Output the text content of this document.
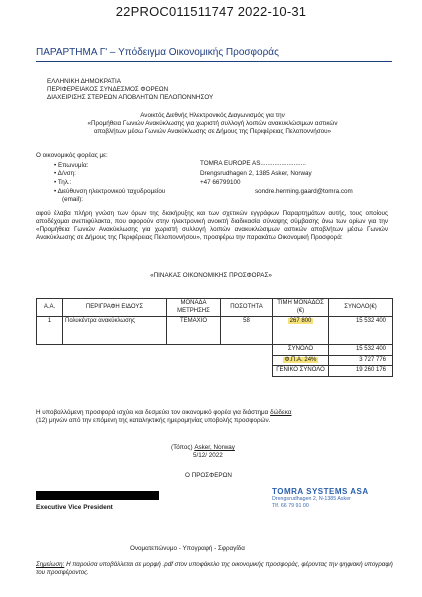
22PROC011511747 2022-10-31
ΠΑΡΑΡΤΗΜΑ Γ' – Υπόδειγμα Οικονομικής Προσφοράς
ΕΛΛΗΝΙΚΗ ΔΗΜΟΚΡΑΤΙΑ
ΠΕΡΙΦΕΡΕΙΑΚΟΣ ΣΥΝΔΕΣΜΟΣ ΦΟΡΕΩΝ
ΔΙΑΧΕΙΡΙΣΗΣ ΣΤΕΡΕΩΝ ΑΠΟΒΛΗΤΩΝ ΠΕΛΟΠΟΝΝΗΣΟΥ
Ανοικτός Διεθνής Ηλεκτρονικός Διαγωνισμός για την
«Προμήθεια Γωνιών Ανακύκλωσης για χωριστή συλλογή λοιπών ανακυκλώσιμων αστικών
αποβλήτων μέσω Γωνιών Ανακύκλωσης σε Δήμους της Περιφέρειας Πελοποννήσου»
Ο οικονομικός φορέας με:
• Επωνυμία:	TOMRA EUROPE AS..........................
• Δ/νση:	Drengsrudhagen 2, 1385 Asker, Norway
• Τηλ.:	+47 66799100
• Διεύθυνση ηλεκτρονικού ταχυδρομείου	sondre.herming.gaard@tomra.com
(email):
αφού έλαβα πλήρη γνώση των όρων της διακήρυξης και των σχετικών εγγράφων Παραρτημάτων αυτής, τους οποίους αποδέχομαι ανεπιφύλακτα, που αφορούν στην ηλεκτρονική ανοικτή διαδικασία σύναψης σύμβασης άνω των ορίων για την «Προμήθεια Γωνιών Ανακύκλωσης για χωριστή συλλογή λοιπών ανακυκλώσιμων αστικών αποβλήτων μέσω Γωνιών Ανακύκλωσης σε Δήμους της Περιφέρειας Πελοποννήσου», προσφέρω την παρακάτω Οικονομική Προσφορά:
«ΠΙΝΑΚΑΣ ΟΙΚΟΝΟΜΙΚΗΣ ΠΡΟΣΦΟΡΑΣ»
Α.Α.	ΠΕΡΙΓΡΑΦΗ ΕΙΔΟΥΣ	ΜΟΝΑΔΑ ΜΕΤΡΗΣΗΣ	ΠΟΣΟΤΗΤΑ	ΤΙΜΗ ΜΟΝΑΔΟΣ (€)	ΣΥΝΟΛΟ(€)
1	Πολυκέντρα ανακύκλωσης	ΤΕΜΑΧΙΟ	58	267 800	15 532 400
				ΣΥΝΟΛΟ	15 532 400
				Φ.Π.Α. 24%	3 727 776
				ΓΕΝΙΚΟ ΣΥΝΟΛΟ	19 260 176
Η υποβαλλόμενη προσφορά ισχύει και δεσμεύει τον οικονομικό φορέα για διάστημα δώδεκα
(12) μηνών από την επόμενη της καταληκτικής ημερομηνίας υποβολής προσφορών.
(Τόπος) Asker, Norway
5/12/ 2022
Ο ΠΡΟΣΦΕΡΩΝ
TOMRA SYSTEMS ASA
Drengsrudhagen 2, N-1385 Asker
Tlf. 66 79 91 00
Executive Vice President
Ονοματεπώνυμο - Υπογραφή - Σφραγίδα
Σημείωση: Η παρούσα υποβάλλεται σε μορφή .pdf στον υποφάκελο της οικονομικής προσφοράς, φέροντας την ψηφιακή υπογραφή του προσφέροντος.
